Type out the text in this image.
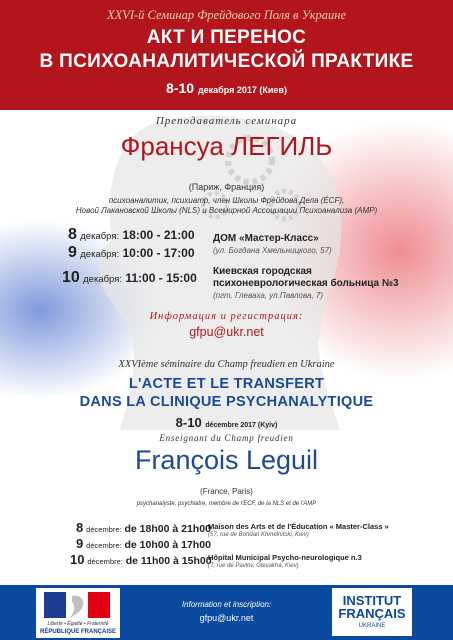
XXVI-й Семинар Фрейдового Поля в Украине
АКТ И ПЕРЕНОС
В ПСИХОАНАЛИТИЧЕСКОЙ ПРАКТИКЕ
8-10 декабря 2017 (Киев)
Преподаватель семинара
Франсуа ЛЕГИЛЬ
(Париж, Франция)
психоаналитик, психиатр, член Школы Фрейдова Дела (ÉCF),
Новой Лакановской Школы (NLS) и Всемирной Ассоциации Психоанализа (AMP)
8 декабря: 18:00 - 21:00
9 декабря: 10:00 - 17:00
10 декабря: 11:00 - 15:00
ДОМ «Мастер-Класс»
(ул. Богдана Хмельницкого, 57)
Киевская городская
психоневрологическая больница №3
(пгт. Глеваха, ул.Павлова, 7)
Информация и регистрация:
gfpu@ukr.net
XXVIème séminaire du Champ freudien en Ukraine
L'ACTE ET LE TRANSFERT
DANS LA CLINIQUE PSYCHANALYTIQUE
8-10 décembre 2017 (Kyiv)
Enseignant du Champ freudien
François Leguil
(France, Paris)
psychanalyste, psychiatre, membre de l'ECF, de la NLS et de l'AMP
8 décembre: de 18h00 à 21h00
9 décembre: de 10h00 à 17h00
10 décembre: de 11h00 à 15h00
Maison des Arts et de l'Éducation « Master-Class »
(57, rue de Bohdan Khmelnitski, Kiev)
Hôpital Municipal Psycho-neurologique n.3
(7, rue de Pavlov, Glevakha, Kiev)
Liberté • Égalité • Fraternité
RÉPUBLIQUE FRANÇAISE
Information et inscription:
gfpu@ukr.net
INSTITUT
FRANÇAIS
UKRAINE
